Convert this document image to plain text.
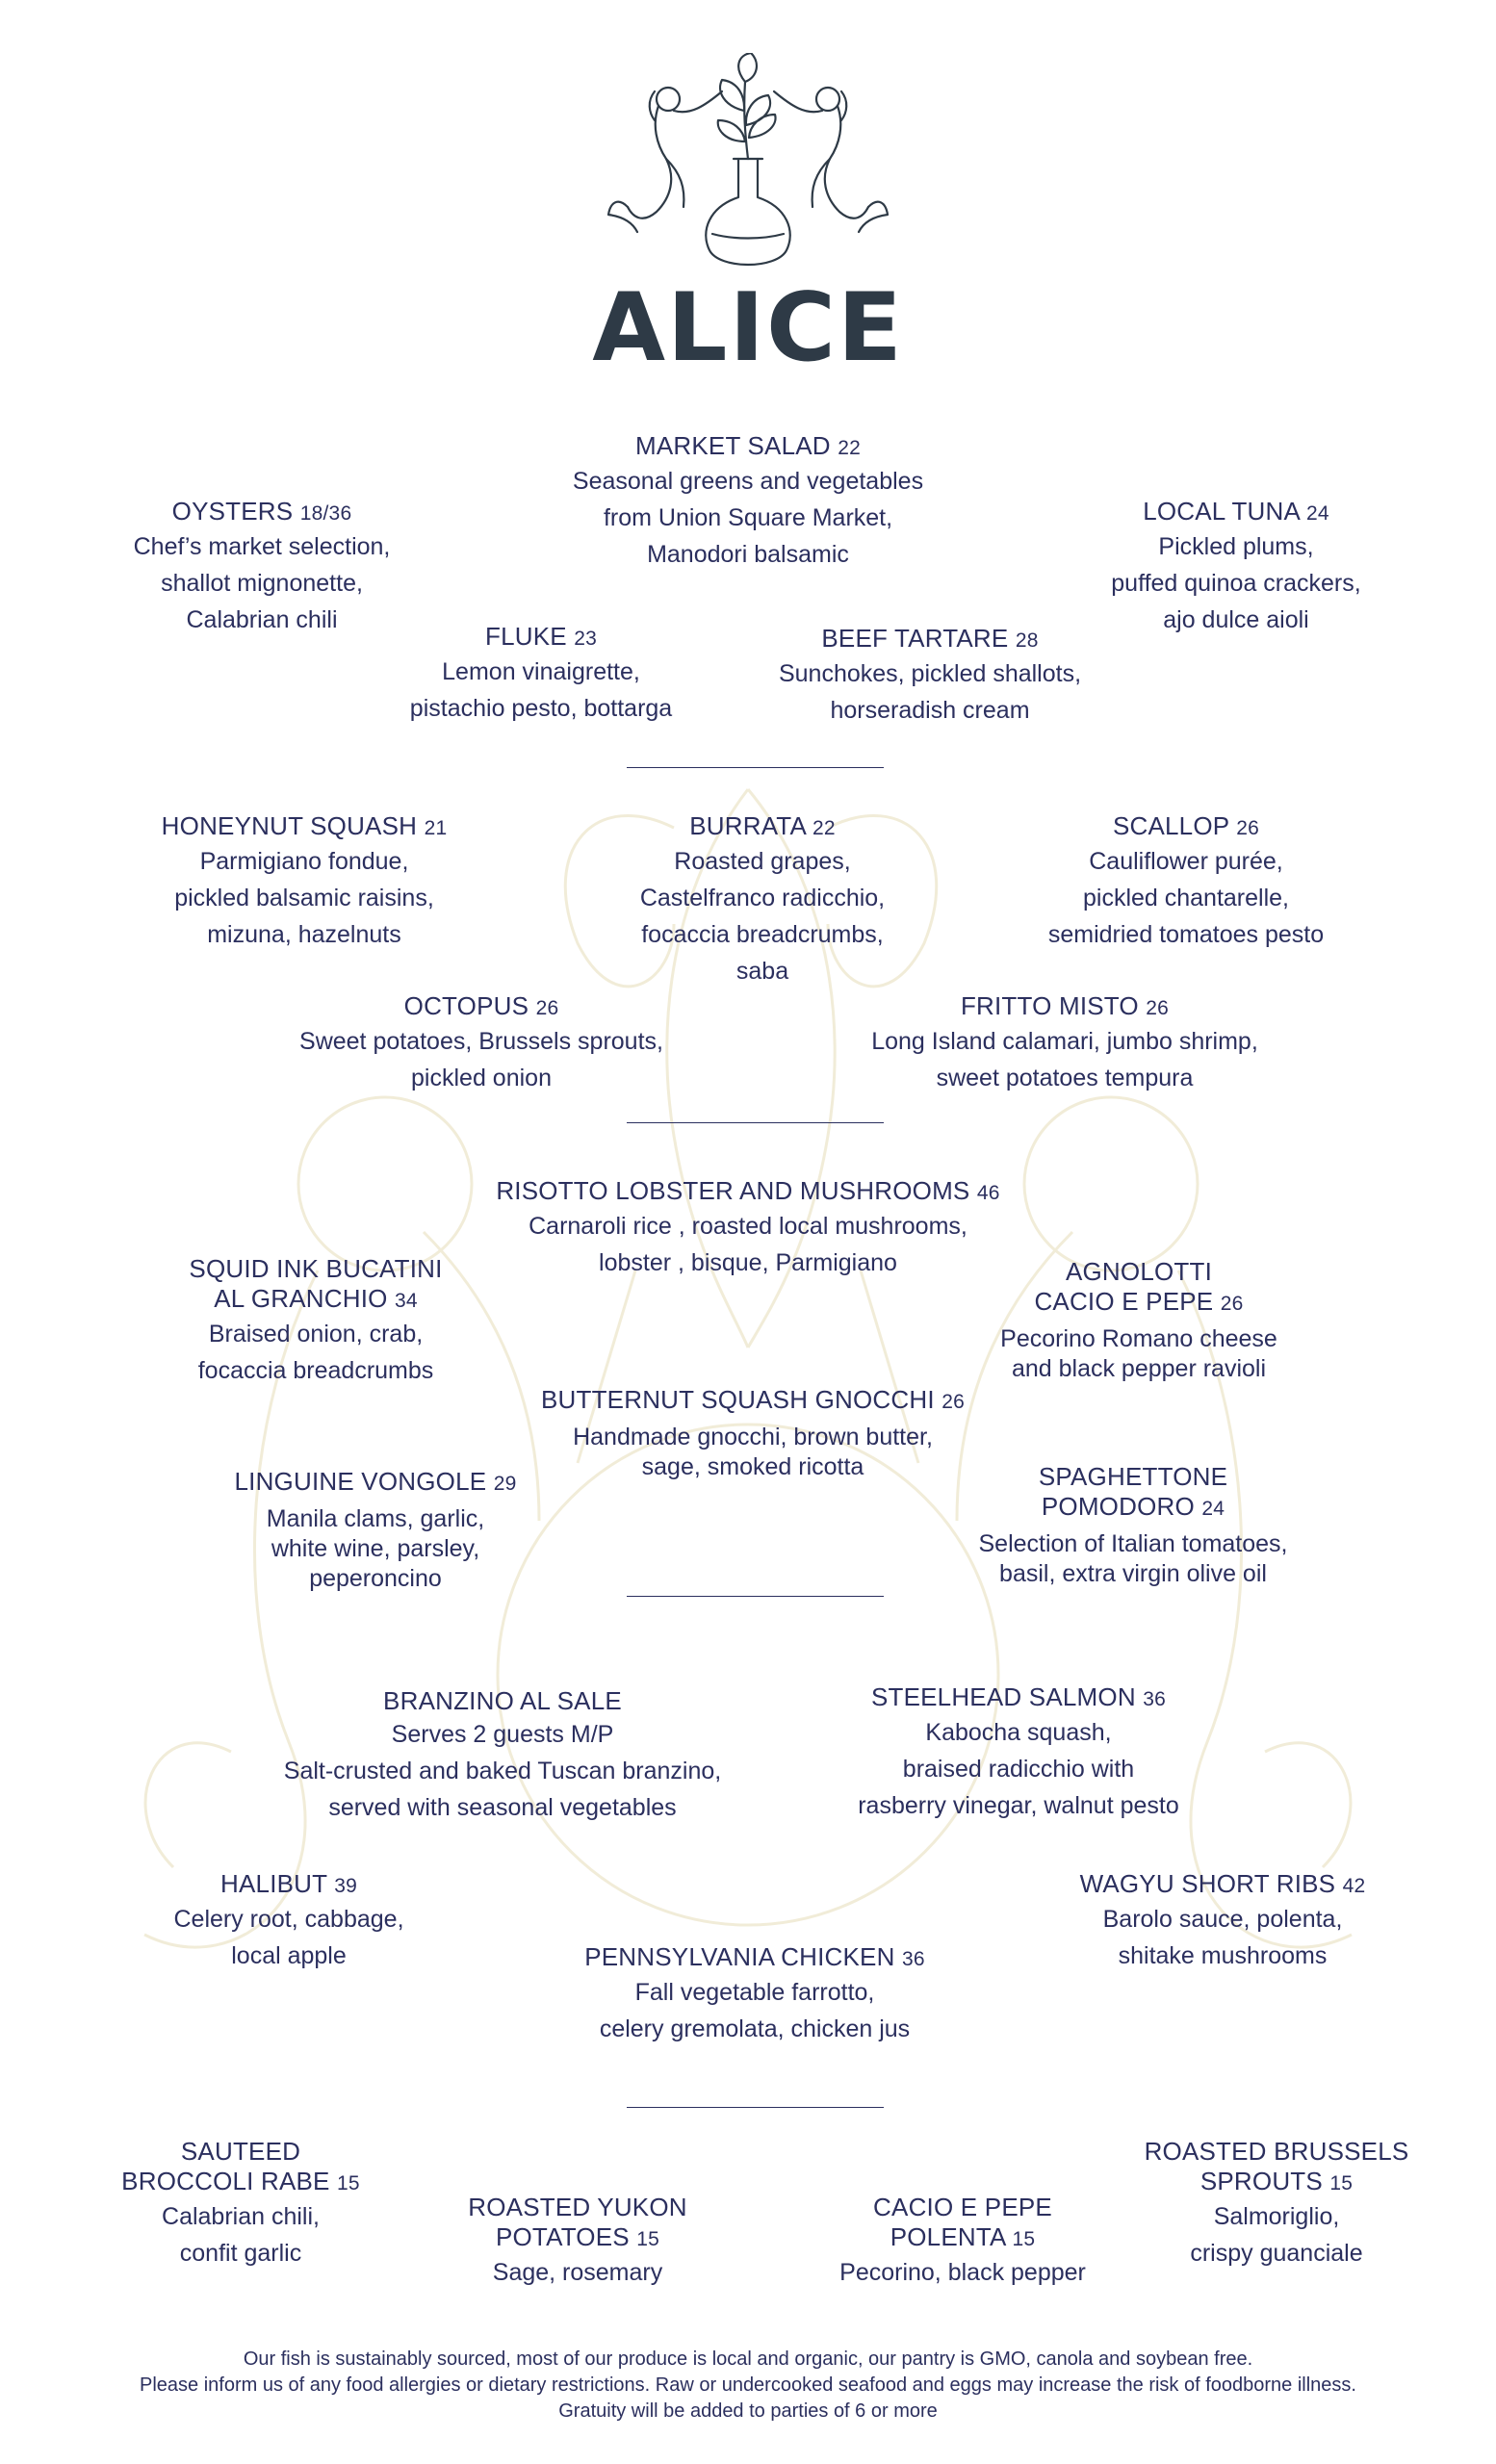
ALICE
MARKET SALAD 22
Seasonal greens and vegetables
from Union Square Market,
Manodori balsamic
OYSTERS 18/36
Chef’s market selection,
shallot mignonette,
Calabrian chili
LOCAL TUNA 24
Pickled plums,
puffed quinoa crackers,
ajo dulce aioli
FLUKE 23
Lemon vinaigrette,
pistachio pesto, bottarga
BEEF TARTARE 28
Sunchokes, pickled shallots,
horseradish cream
HONEYNUT SQUASH 21
Parmigiano fondue,
pickled balsamic raisins,
mizuna, hazelnuts
BURRATA 22
Roasted grapes,
Castelfranco radicchio,
focaccia breadcrumbs,
saba
SCALLOP 26
Cauliflower purée,
pickled chantarelle,
semidried tomatoes pesto
OCTOPUS 26
Sweet potatoes, Brussels sprouts,
pickled onion
FRITTO MISTO 26
Long Island calamari, jumbo shrimp,
sweet potatoes tempura
RISOTTO LOBSTER AND MUSHROOMS 46
Carnaroli rice , roasted local mushrooms,
lobster , bisque, Parmigiano
SQUID INK BUCATINI
AL GRANCHIO 34
Braised onion, crab,
focaccia breadcrumbs
AGNOLOTTI
CACIO E PEPE 26
Pecorino Romano cheese
and black pepper ravioli
BUTTERNUT SQUASH GNOCCHI 26
Handmade gnocchi, brown butter,
sage, smoked ricotta
LINGUINE VONGOLE 29
Manila clams, garlic,
white wine, parsley,
peperoncino
SPAGHETTONE
POMODORO 24
Selection of Italian tomatoes,
basil, extra virgin olive oil
BRANZINO AL SALE
Serves 2 guests M/P
Salt-crusted and baked Tuscan branzino,
served with seasonal vegetables
STEELHEAD SALMON 36
Kabocha squash,
braised radicchio with
rasberry vinegar, walnut pesto
HALIBUT 39
Celery root, cabbage,
local apple
WAGYU SHORT RIBS 42
Barolo sauce, polenta,
shitake mushrooms
PENNSYLVANIA CHICKEN 36
Fall vegetable farrotto,
celery gremolata, chicken jus
SAUTEED
BROCCOLI RABE 15
Calabrian chili,
confit garlic
ROASTED YUKON
POTATOES 15
Sage, rosemary
CACIO E PEPE
POLENTA 15
Pecorino, black pepper
ROASTED BRUSSELS
SPROUTS 15
Salmoriglio,
crispy guanciale
Our fish is sustainably sourced, most of our produce is local and organic, our pantry is GMO, canola and soybean free.
Please inform us of any food allergies or dietary restrictions. Raw or undercooked seafood and eggs may increase the risk of foodborne illness.
Gratuity will be added to parties of 6 or more
